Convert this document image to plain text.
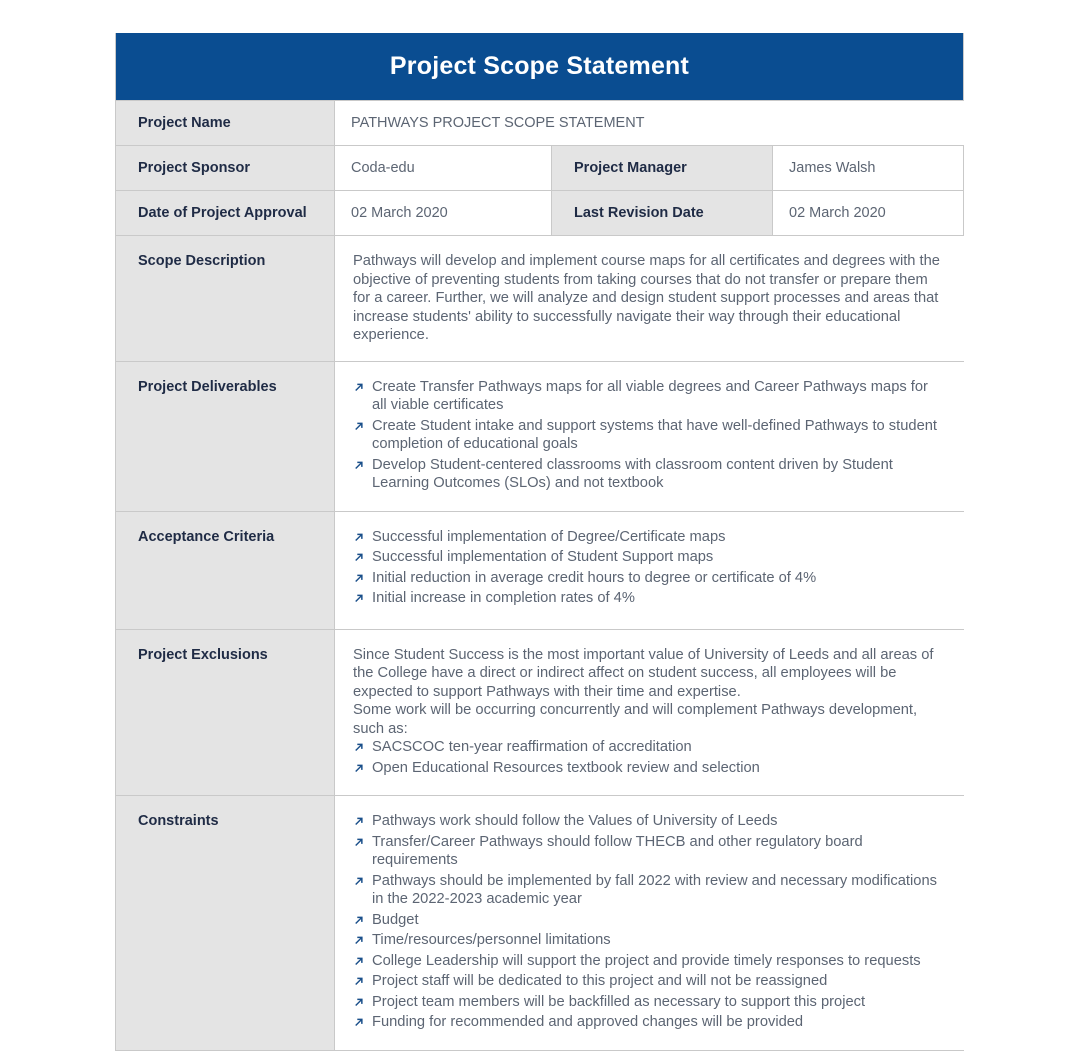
Project Scope Statement
Project Name	PATHWAYS PROJECT SCOPE STATEMENT
Project Sponsor	Coda-edu	Project Manager	James Walsh
Date of Project Approval	02 March 2020	Last Revision Date	02 March 2020
Scope Description	Pathways will develop and implement course maps for all certificates and degrees with the objective of preventing students from taking courses that do not transfer or prepare them for a career. Further, we will analyze and design student support processes and areas that increase students' ability to successfully navigate their way through their educational experience.

Project Deliverables	Create Transfer Pathways maps for all viable degrees and Career Pathways maps for all viable certificates
Create Student intake and support systems that have well-defined Pathways to student completion of educational goals
Develop Student-centered classrooms with classroom content driven by Student Learning Outcomes (SLOs) and not textbook
Acceptance Criteria	Successful implementation of Degree/Certificate maps
Successful implementation of Student Support maps
Initial reduction in average credit hours to degree or certificate of 4%
Initial increase in completion rates of 4%
Project Exclusions	Since Student Success is the most important value of University of Leeds and all areas of the College have a direct or indirect affect on student success, all employees will be expected to support Pathways with their time and expertise.

Some work will be occurring concurrently and will complement Pathways development, such as:

SACSCOC ten-year reaffirmation of accreditation
Open Educational Resources textbook review and selection
Constraints	Pathways work should follow the Values of University of Leeds
Transfer/Career Pathways should follow THECB and other regulatory board requirements
Pathways should be implemented by fall 2022 with review and necessary modifications in the 2022-2023 academic year
Budget
Time/resources/personnel limitations
College Leadership will support the project and provide timely responses to requests
Project staff will be dedicated to this project and will not be reassigned
Project team members will be backfilled as necessary to support this project
Funding for recommended and approved changes will be provided
